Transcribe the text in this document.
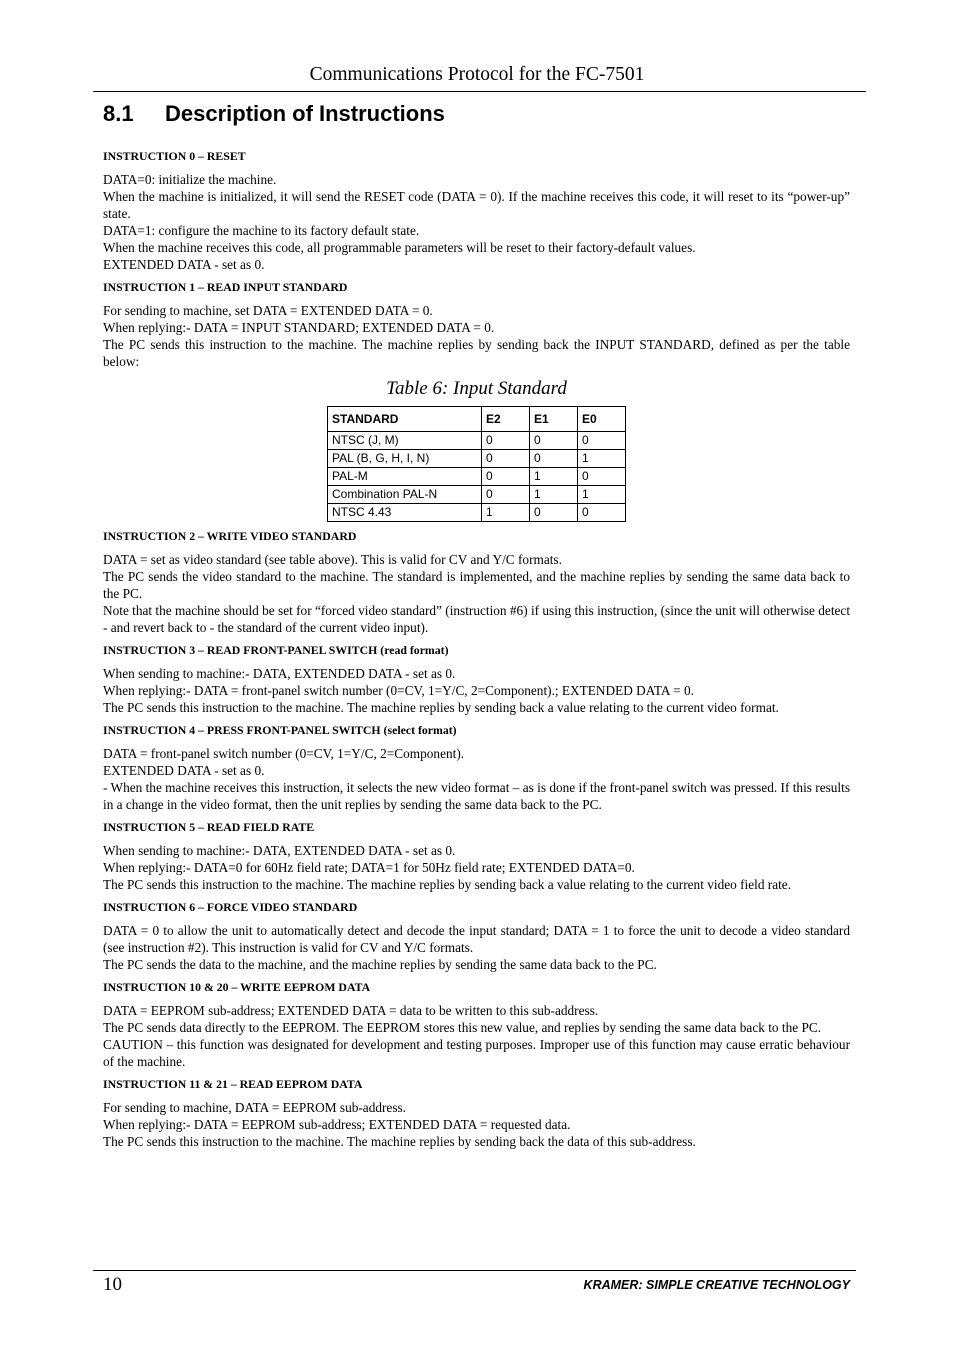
Communications Protocol for the FC-7501
8.1 Description of Instructions
INSTRUCTION 0 – RESET

DATA=0: initialize the machine.

When the machine is initialized, it will send the RESET code (DATA = 0). If the machine receives this code, it will reset to its “power-up” state.

DATA=1: configure the machine to its factory default state.

When the machine receives this code, all programmable parameters will be reset to their factory-default values.

EXTENDED DATA - set as 0.

INSTRUCTION 1 – READ INPUT STANDARD

For sending to machine, set DATA = EXTENDED DATA = 0.

When replying:- DATA = INPUT STANDARD; EXTENDED DATA = 0.

The PC sends this instruction to the machine. The machine replies by sending back the INPUT STANDARD, defined as per the table below:

Table 6: Input Standard
STANDARD	E2	E1	E0
NTSC (J, M)	0	0	0
PAL (B, G, H, I, N)	0	0	1
PAL-M	0	1	0
Combination PAL-N	0	1	1
NTSC 4.43	1	0	0
INSTRUCTION 2 – WRITE VIDEO STANDARD

DATA = set as video standard (see table above). This is valid for CV and Y/C formats.

The PC sends the video standard to the machine. The standard is implemented, and the machine replies by sending the same data back to the PC.

Note that the machine should be set for “forced video standard” (instruction #6) if using this instruction, (since the unit will otherwise detect - and revert back to - the standard of the current video input).

INSTRUCTION 3 – READ FRONT-PANEL SWITCH (read format)

When sending to machine:- DATA, EXTENDED DATA - set as 0.

When replying:- DATA = front-panel switch number (0=CV, 1=Y/C, 2=Component).; EXTENDED DATA = 0.

The PC sends this instruction to the machine. The machine replies by sending back a value relating to the current video format.

INSTRUCTION 4 – PRESS FRONT-PANEL SWITCH (select format)

DATA = front-panel switch number (0=CV, 1=Y/C, 2=Component).

EXTENDED DATA - set as 0.

- When the machine receives this instruction, it selects the new video format – as is done if the front-panel switch was pressed. If this results in a change in the video format, then the unit replies by sending the same data back to the PC.

INSTRUCTION 5 – READ FIELD RATE

When sending to machine:- DATA, EXTENDED DATA - set as 0.

When replying:- DATA=0 for 60Hz field rate; DATA=1 for 50Hz field rate; EXTENDED DATA=0.

The PC sends this instruction to the machine. The machine replies by sending back a value relating to the current video field rate.

INSTRUCTION 6 – FORCE VIDEO STANDARD

DATA = 0 to allow the unit to automatically detect and decode the input standard; DATA = 1 to force the unit to decode a video standard (see instruction #2). This instruction is valid for CV and Y/C formats.

The PC sends the data to the machine, and the machine replies by sending the same data back to the PC.

INSTRUCTION 10 & 20 – WRITE EEPROM DATA

DATA = EEPROM sub-address; EXTENDED DATA = data to be written to this sub-address.

The PC sends data directly to the EEPROM. The EEPROM stores this new value, and replies by sending the same data back to the PC.

CAUTION – this function was designated for development and testing purposes. Improper use of this function may cause erratic behaviour of the machine.

INSTRUCTION 11 & 21 – READ EEPROM DATA

For sending to machine, DATA = EEPROM sub-address.

When replying:- DATA = EEPROM sub-address; EXTENDED DATA = requested data.

The PC sends this instruction to the machine. The machine replies by sending back the data of this sub-address.

10	KRAMER: SIMPLE CREATIVE TECHNOLOGY
